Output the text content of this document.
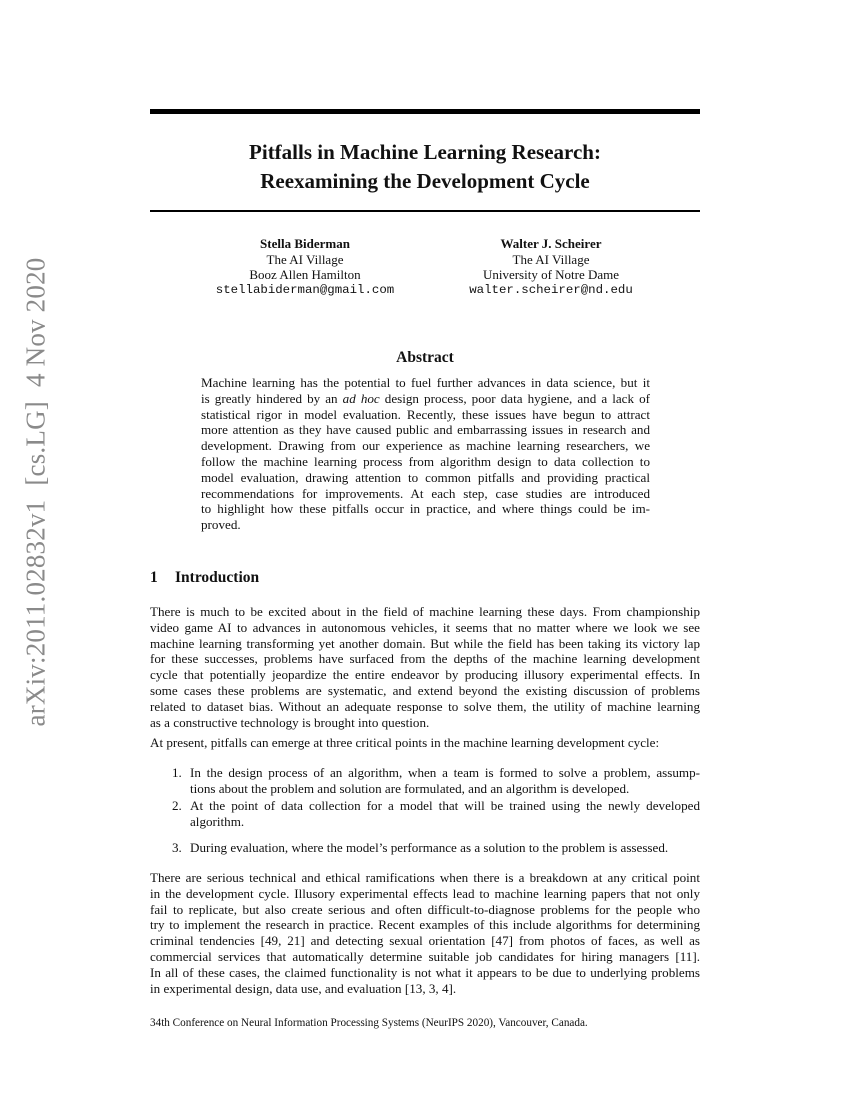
arXiv:2011.02832v1[cs.LG]4 Nov 2020
Pitfalls in Machine Learning Research:
Reexamining the Development Cycle
Stella Biderman
The AI Village
Booz Allen Hamilton
stellabiderman@gmail.com
Walter J. Scheirer
The AI Village
University of Notre Dame
walter.scheirer@nd.edu
Abstract
Machine learning has the potential to fuel further advances in data science, but it
is greatly hindered by an ad hoc design process, poor data hygiene, and a lack of
statistical rigor in model evaluation. Recently, these issues have begun to attract
more attention as they have caused public and embarrassing issues in research and
development. Drawing from our experience as machine learning researchers, we
follow the machine learning process from algorithm design to data collection to
model evaluation, drawing attention to common pitfalls and providing practical
recommendations for improvements. At each step, case studies are introduced
to highlight how these pitfalls occur in practice, and where things could be im-
proved.
1 Introduction
There is much to be excited about in the field of machine learning these days. From championship
video game AI to advances in autonomous vehicles, it seems that no matter where we look we see
machine learning transforming yet another domain. But while the field has been taking its victory lap
for these successes, problems have surfaced from the depths of the machine learning development
cycle that potentially jeopardize the entire endeavor by producing illusory experimental effects. In
some cases these problems are systematic, and extend beyond the existing discussion of problems
related to dataset bias. Without an adequate response to solve them, the utility of machine learning
as a constructive technology is brought into question.
At present, pitfalls can emerge at three critical points in the machine learning development cycle:
1. In the design process of an algorithm, when a team is formed to solve a problem, assump-
tions about the problem and solution are formulated, and an algorithm is developed.
2. At the point of data collection for a model that will be trained using the newly developed
algorithm.
3. During evaluation, where the model’s performance as a solution to the problem is assessed.
There are serious technical and ethical ramifications when there is a breakdown at any critical point
in the development cycle. Illusory experimental effects lead to machine learning papers that not only
fail to replicate, but also create serious and often difficult-to-diagnose problems for the people who
try to implement the research in practice. Recent examples of this include algorithms for determining
criminal tendencies [49, 21] and detecting sexual orientation [47] from photos of faces, as well as
commercial services that automatically determine suitable job candidates for hiring managers [11].
In all of these cases, the claimed functionality is not what it appears to be due to underlying problems
in experimental design, data use, and evaluation [13, 3, 4].
34th Conference on Neural Information Processing Systems (NeurIPS 2020), Vancouver, Canada.
